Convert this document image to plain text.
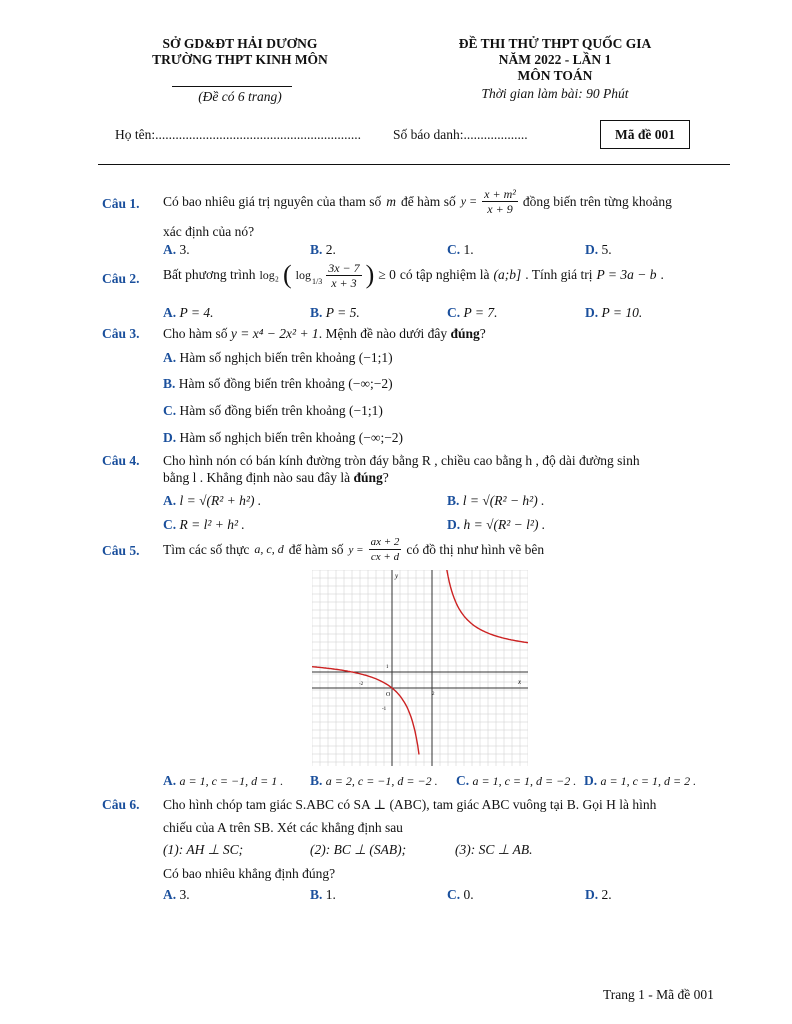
SỞ GD&ĐT HẢI DƯƠNG
TRƯỜNG THPT KINH MÔN
(Đề có 6 trang)
ĐỀ THI THỬ THPT QUỐC GIA
NĂM 2022 - LẦN 1
MÔN TOÁN
Thời gian làm bài: 90 Phút
Họ tên:............................................................. Số báo danh:...................	Mã đề 001
Câu 1. Có bao nhiêu giá trị nguyên của tham số m để hàm số $y = \frac{\text{x + m²}}{x + 9}$ đồng biến trên từng khoảng
xác định của nó?
A. 3.	B. 2.	C. 1.	D. 5.
Câu 2. Bất phương trình log₂ ( $\log 1/3 \frac{3x - 7}{x + 3}$ ) ≥ 0 có tập nghiệm là (a;b] . Tính giá trị P = 3a − b .
A. P = 4.	B. P = 5.	C. P = 7.	D. P = 10.
Câu 3. Cho hàm số y = x⁴ − 2x² + 1. Mệnh đề nào dưới đây đúng?
A. Hàm số nghịch biến trên khoảng (−1;1)
B. Hàm số đồng biến trên khoảng (−∞;−2)
C. Hàm số đồng biến trên khoảng (−1;1)
D. Hàm số nghịch biến trên khoảng (−∞;−2)
Câu 4. Cho hình nón có bán kính đường tròn đáy bằng R , chiều cao bằng h , độ dài đường sinh
bằng l . Khẳng định nào sau đây là đúng?
A. l = √(R² + h²) .	B. l = √(R² − h²) .
C. R = l² + h² .	D. h = √(R² − l²) .
Câu 5. Tìm các số thực a, c, d để hàm số $y = \frac{ax + 2}{cx + d}$ có đồ thị như hình vẽ bên
x
y
O
1
-1
2
-2
A. a = 1, c = −1, d = 1 . B. a = 2, c = −1, d = −2 . C. a = 1, c = 1, d = −2 . D. a = 1, c = 1, d = 2 .
Câu 6. Cho hình chóp tam giác S.ABC có SA ⊥ (ABC), tam giác ABC vuông tại B. Gọi H là hình
chiếu của A trên SB. Xét các khẳng định sau
(1): AH ⊥ SC;	(2): BC ⊥ (SAB);	(3): SC ⊥ AB.
Có bao nhiêu khẳng định đúng?
A. 3.	B. 1.	C. 0.	D. 2.
Trang 1 - Mã đề 001
